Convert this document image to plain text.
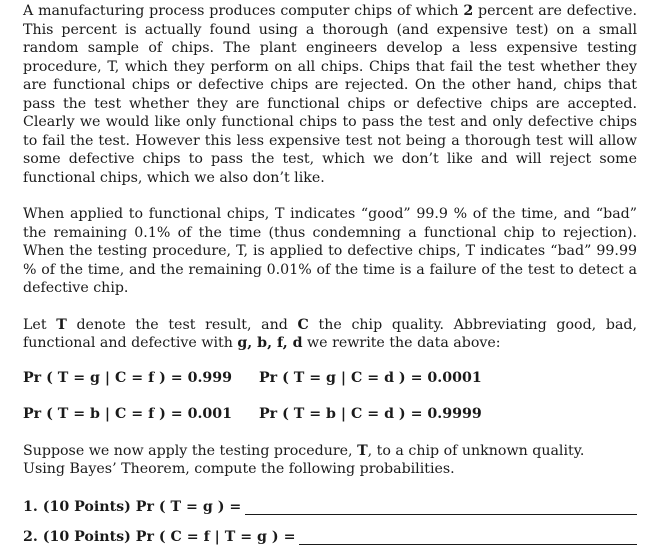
A manufacturing process produces computer chips of which 2 percent are defective. This percent is actually found using a thorough (and expensive test) on a small random sample of chips. The plant engineers develop a less expensive testing procedure, T, which they perform on all chips. Chips that fail the test whether they are functional chips or defective chips are rejected. On the other hand, chips that pass the test whether they are functional chips or defective chips are accepted. Clearly we would like only functional chips to pass the test and only defective chips to fail the test. However this less expensive test not being a thorough test will allow some defective chips to pass the test, which we don’t like and will reject some functional chips, which we also don’t like.

When applied to functional chips, T indicates “good” 99.9 % of the time, and “bad” the remaining 0.1% of the time (thus condemning a functional chip to rejection). When the testing procedure, T, is applied to defective chips, T indicates “bad” 99.99 % of the time, and the remaining 0.01% of the time is a failure of the test to detect a defective chip.

Let T denote the test result, and C the chip quality. Abbreviating good, bad, functional and defective with g, b, f, d we rewrite the data above:

Pr ( T = g | C = f ) = 0.999 Pr ( T = g | C = d ) = 0.0001
Pr ( T = b | C = f ) = 0.001 Pr ( T = b | C = d ) = 0.9999

Suppose we now apply the testing procedure, T, to a chip of unknown quality.
Using Bayes’ Theorem, compute the following probabilities.

1. (10 Points) Pr ( T = g ) =
2. (10 Points) Pr ( C = f | T = g ) =
